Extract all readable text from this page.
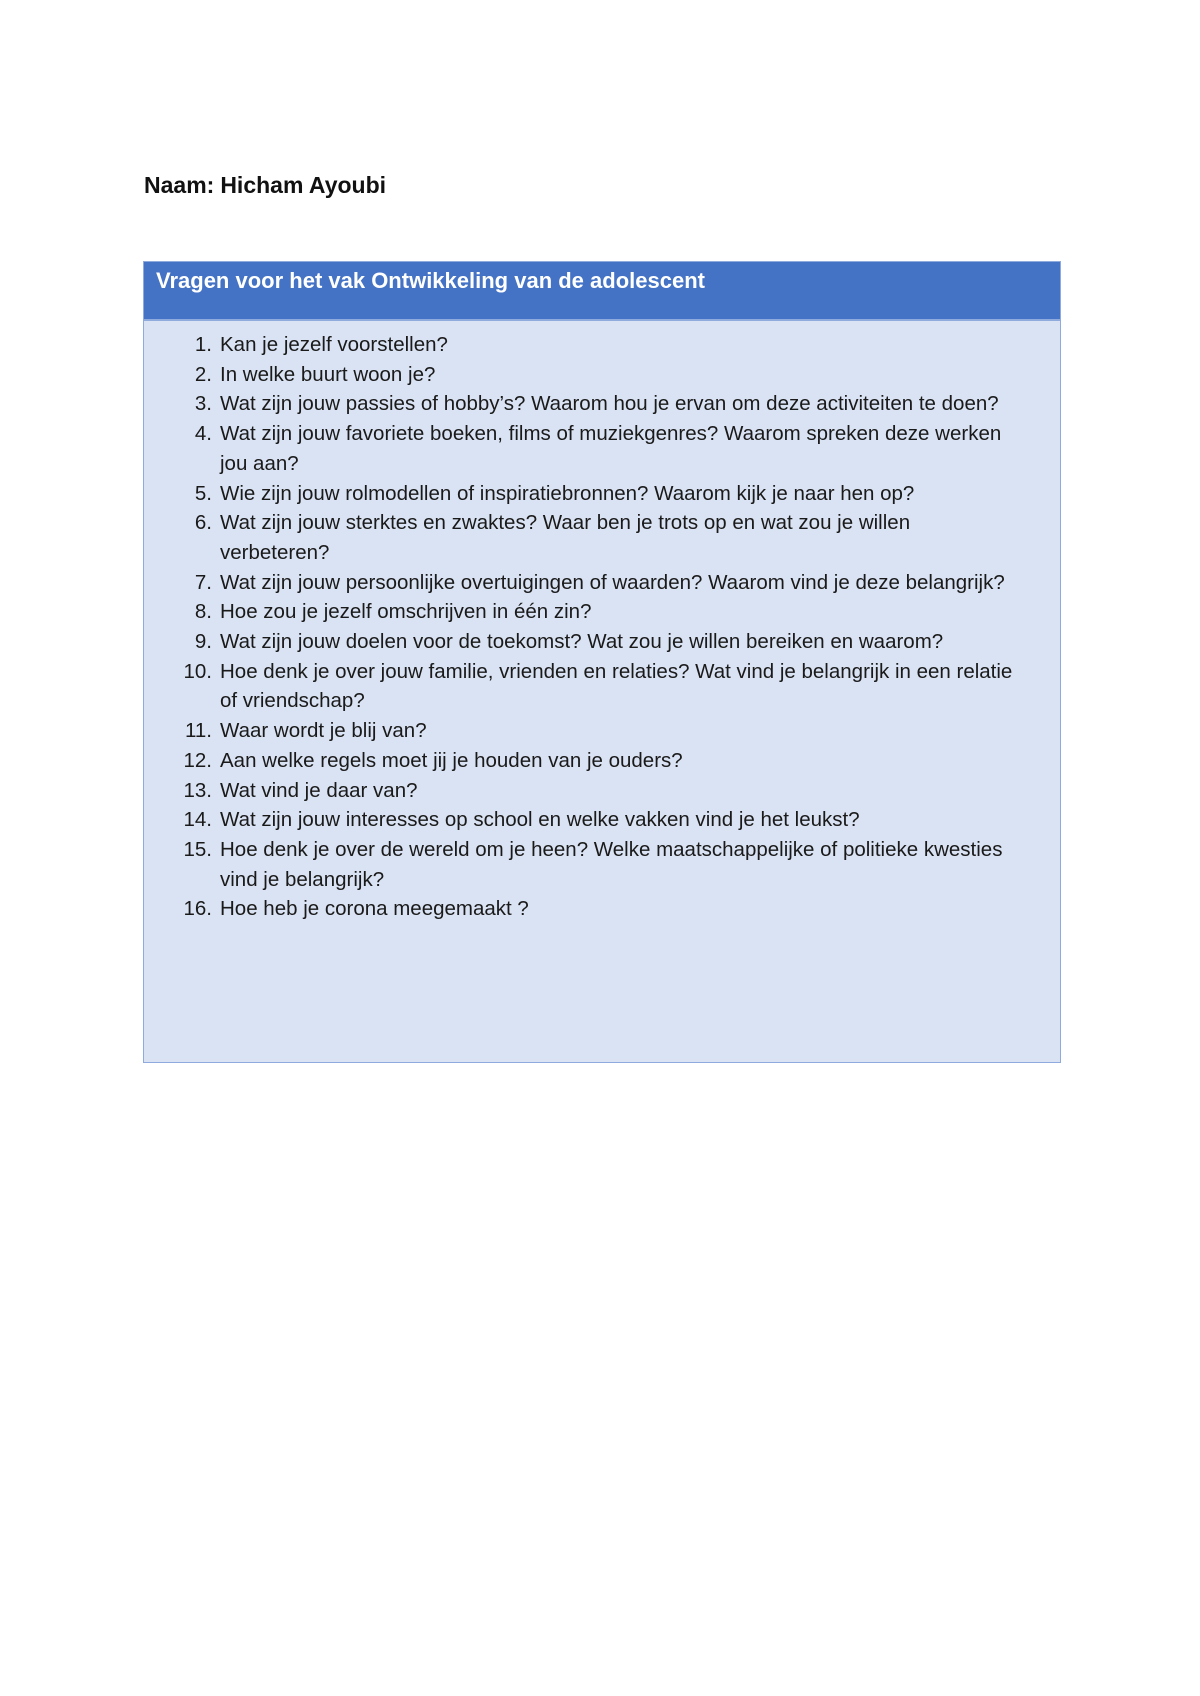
Naam: Hicham Ayoubi
Vragen voor het vak Ontwikkeling van de adolescent
1. Kan je jezelf voorstellen?
2. In welke buurt woon je?
3. Wat zijn jouw passies of hobby’s? Waarom hou je ervan om deze activiteiten te doen?
4. Wat zijn jouw favoriete boeken, films of muziekgenres? Waarom spreken deze werken jou aan?
5. Wie zijn jouw rolmodellen of inspiratiebronnen? Waarom kijk je naar hen op?
6. Wat zijn jouw sterktes en zwaktes? Waar ben je trots op en wat zou je willen verbeteren?
7. Wat zijn jouw persoonlijke overtuigingen of waarden? Waarom vind je deze belangrijk?
8. Hoe zou je jezelf omschrijven in één zin?
9. Wat zijn jouw doelen voor de toekomst? Wat zou je willen bereiken en waarom?
10. Hoe denk je over jouw familie, vrienden en relaties? Wat vind je belangrijk in een relatie of vriendschap?
11. Waar wordt je blij van?
12. Aan welke regels moet jij je houden van je ouders?
13. Wat vind je daar van?
14. Wat zijn jouw interesses op school en welke vakken vind je het leukst?
15. Hoe denk je over de wereld om je heen? Welke maatschappelijke of politieke kwesties vind je belangrijk?
16. Hoe heb je corona meegemaakt ?
